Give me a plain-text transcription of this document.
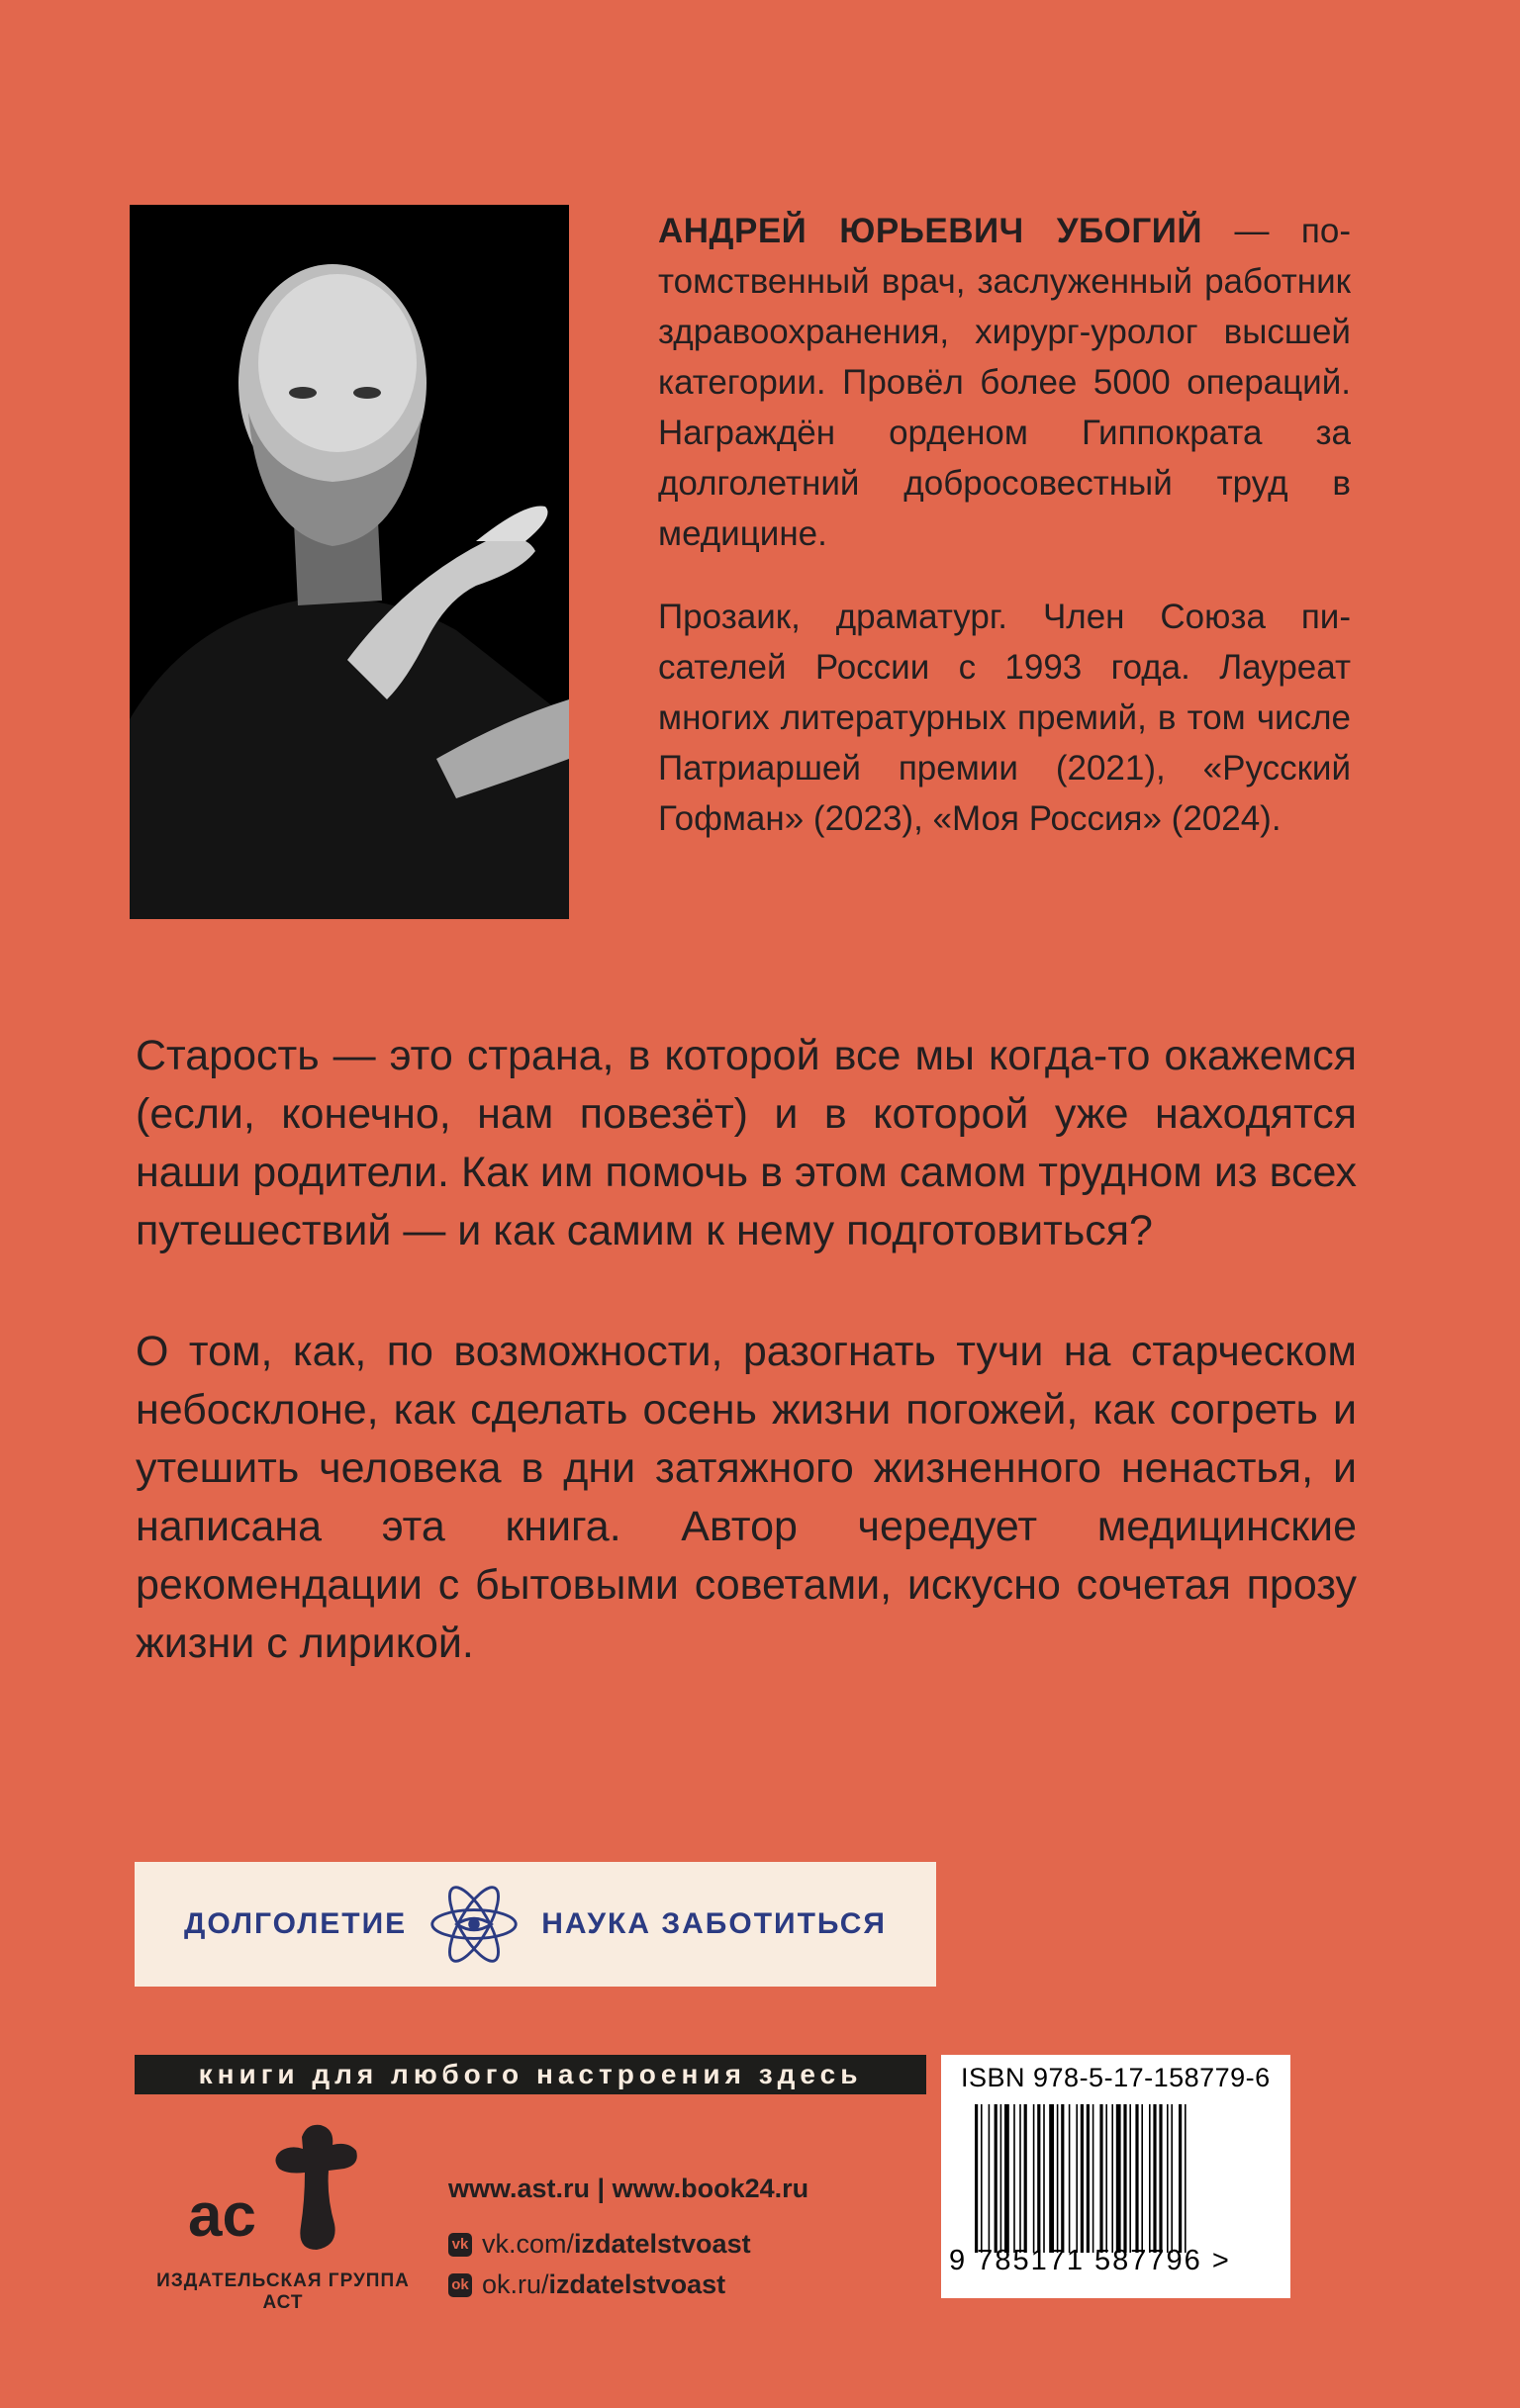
АНДРЕЙ ЮРЬЕВИЧ УБОГИЙ — потомственный врач, заслуженный работник здравоохранения, хирург-уролог высшей категории. Провёл более 5000 операций. Награждён орденом Гиппократа за долголетний добросовестный труд в медицине.

Прозаик, драматург. Член Союза писателей России с 1993 года. Лауреат многих литературных премий, в том числе Патриаршей премии (2021), «Русский Гофман» (2023), «Моя Россия» (2024).

Старость — это страна, в которой все мы когда-то окажемся (если, конечно, нам повезёт) и в которой уже находятся наши родители. Как им помочь в этом самом трудном из всех путешествий — и как самим к нему подготовиться?

О том, как, по возможности, разогнать тучи на старческом небосклоне, как сделать осень жизни погожей, как согреть и утешить человека в дни затяжного жизненного ненастья, и написана эта книга. Автор чередует медицинские рекомендации с бытовыми советами, искусно сочетая прозу жизни с лирикой.

ДОЛГОЛЕТИЕ	НАУКА ЗАБОТИТЬСЯ
книги для любого настроения здесь
ac
ИЗДАТЕЛЬСКАЯ ГРУППА АСТ
www.ast.ru | www.book24.ru
vk vk.com/izdatelstvoast
ok ok.ru/izdatelstvoast
ISBN 978-5-17-158779-6
9 785171 587796 >
